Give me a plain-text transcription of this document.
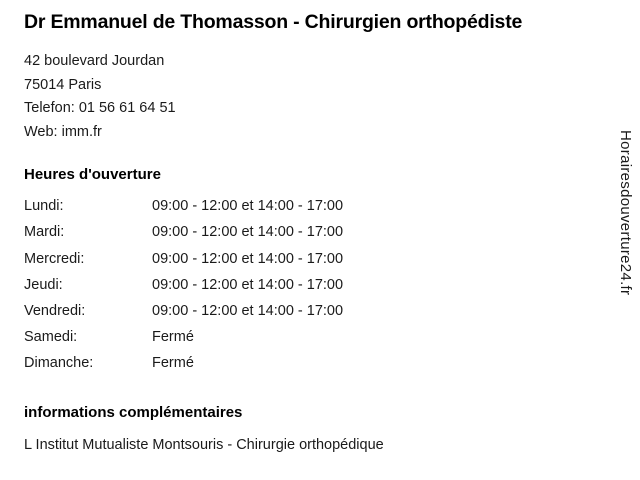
Dr Emmanuel de Thomasson - Chirurgien orthopédiste
42 boulevard Jourdan
75014 Paris
Telefon: 01 56 61 64 51
Web: imm.fr
Heures d'ouverture
Lundi:	09:00 - 12:00 et 14:00 - 17:00
Mardi:	09:00 - 12:00 et 14:00 - 17:00
Mercredi:	09:00 - 12:00 et 14:00 - 17:00
Jeudi:	09:00 - 12:00 et 14:00 - 17:00
Vendredi:	09:00 - 12:00 et 14:00 - 17:00
Samedi:	Fermé
Dimanche:	Fermé
informations complémentaires
L Institut Mutualiste Montsouris - Chirurgie orthopédique
Horairesdouverture24.fr
